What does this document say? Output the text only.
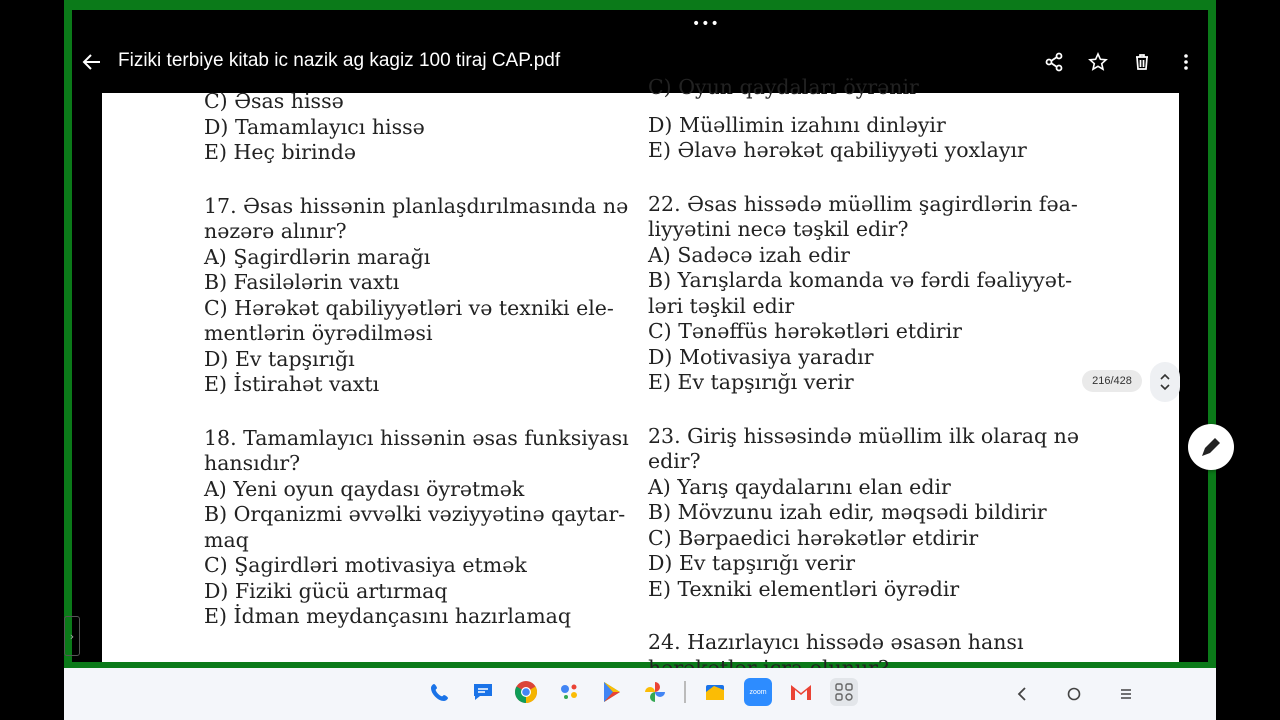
•••
Fiziki terbiye kitab ic nazik ag kagiz 100 tiraj CAP.pdf
C) Əsas hissə
D) Tamamlayıcı hissə
E) Heç birində
17. Əsas hissənin planlaşdırılmasında nə
nəzərə alınır?
A) Şagirdlərin marağı
B) Fasilələrin vaxtı
C) Hərəkət qabiliyyətləri və texniki ele-
mentlərin öyrədilməsi
D) Ev tapşırığı
E) İstirahət vaxtı
18. Tamamlayıcı hissənin əsas funksiyası
hansıdır?
A) Yeni oyun qaydası öyrətmək
B) Orqanizmi əvvəlki vəziyyətinə qaytar-
maq
C) Şagirdləri motivasiya etmək
D) Fiziki gücü artırmaq
E) İdman meydançasını hazırlamaq
C) Oyun qaydaları öyrənir
D) Müəllimin izahını dinləyir
E) Əlavə hərəkət qabiliyyəti yoxlayır
22. Əsas hissədə müəllim şagirdlərin fəa-
liyyətini necə təşkil edir?
A) Sadəcə izah edir
B) Yarışlarda komanda və fərdi fəaliyyət-
ləri təşkil edir
C) Tənəffüs hərəkətləri etdirir
D) Motivasiya yaradır
E) Ev tapşırığı verir
23. Giriş hissəsində müəllim ilk olaraq nə
edir?
A) Yarış qaydalarını elan edir
B) Mövzunu izah edir, məqsədi bildirir
C) Bərpaedici hərəkətlər etdirir
D) Ev tapşırığı verir
E) Texniki elementləri öyrədir
24. Hazırlayıcı hissədə əsasən hansı
›
216/428
zoom
